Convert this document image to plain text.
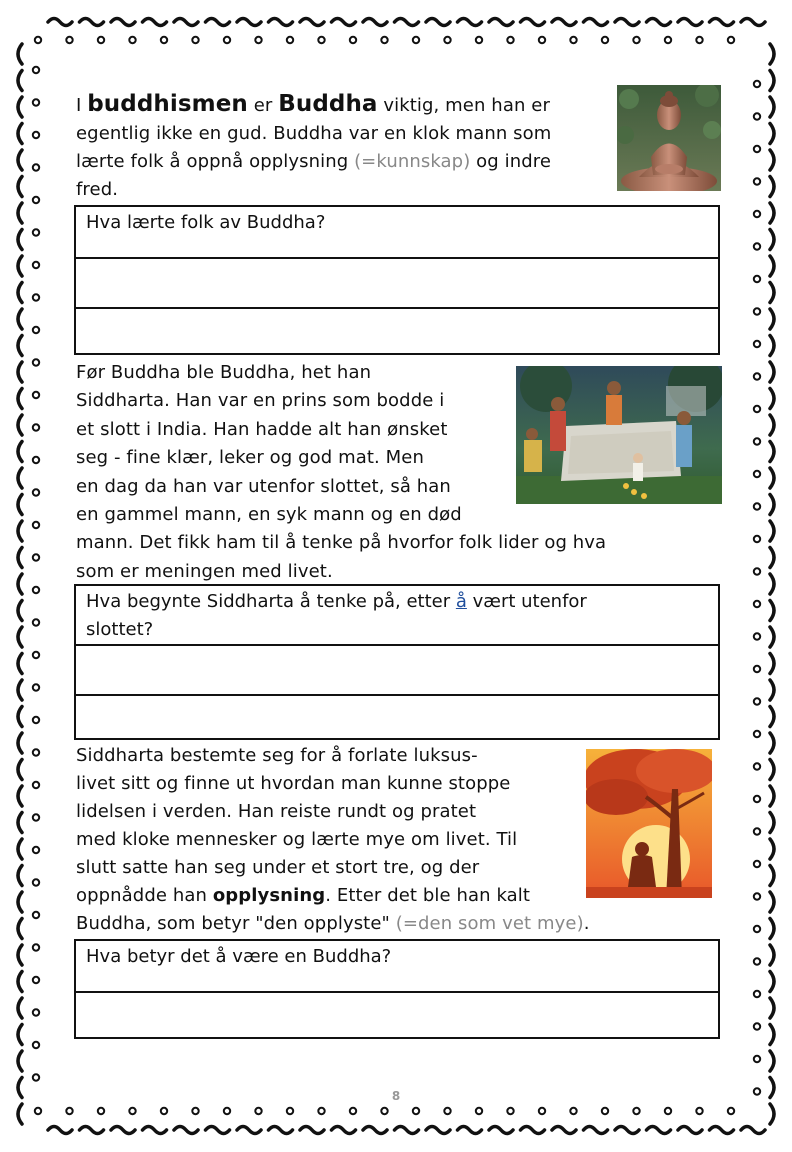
I buddhismen er Buddha viktig, men han er
egentlig ikke en gud. Buddha var en klok mann som
lærte folk å oppnå opplysning (=kunnskap) og indre
fred.
Hva lærte folk av Buddha?
Før Buddha ble Buddha, het han
Siddharta. Han var en prins som bodde i
et slott i India. Han hadde alt han ønsket
seg - fine klær, leker og god mat. Men
en dag da han var utenfor slottet, så han
en gammel mann, en syk mann og en død
mann. Det fikk ham til å tenke på hvorfor folk lider og hva
som er meningen med livet.
Hva begynte Siddharta å tenke på, etter å vært utenfor
slottet?
Siddharta bestemte seg for å forlate luksus-
livet sitt og finne ut hvordan man kunne stoppe
lidelsen i verden. Han reiste rundt og pratet
med kloke mennesker og lærte mye om livet. Til
slutt satte han seg under et stort tre, og der
oppnådde han opplysning. Etter det ble han kalt
Buddha, som betyr "den opplyste" (=den som vet mye).
Hva betyr det å være en Buddha?
8
